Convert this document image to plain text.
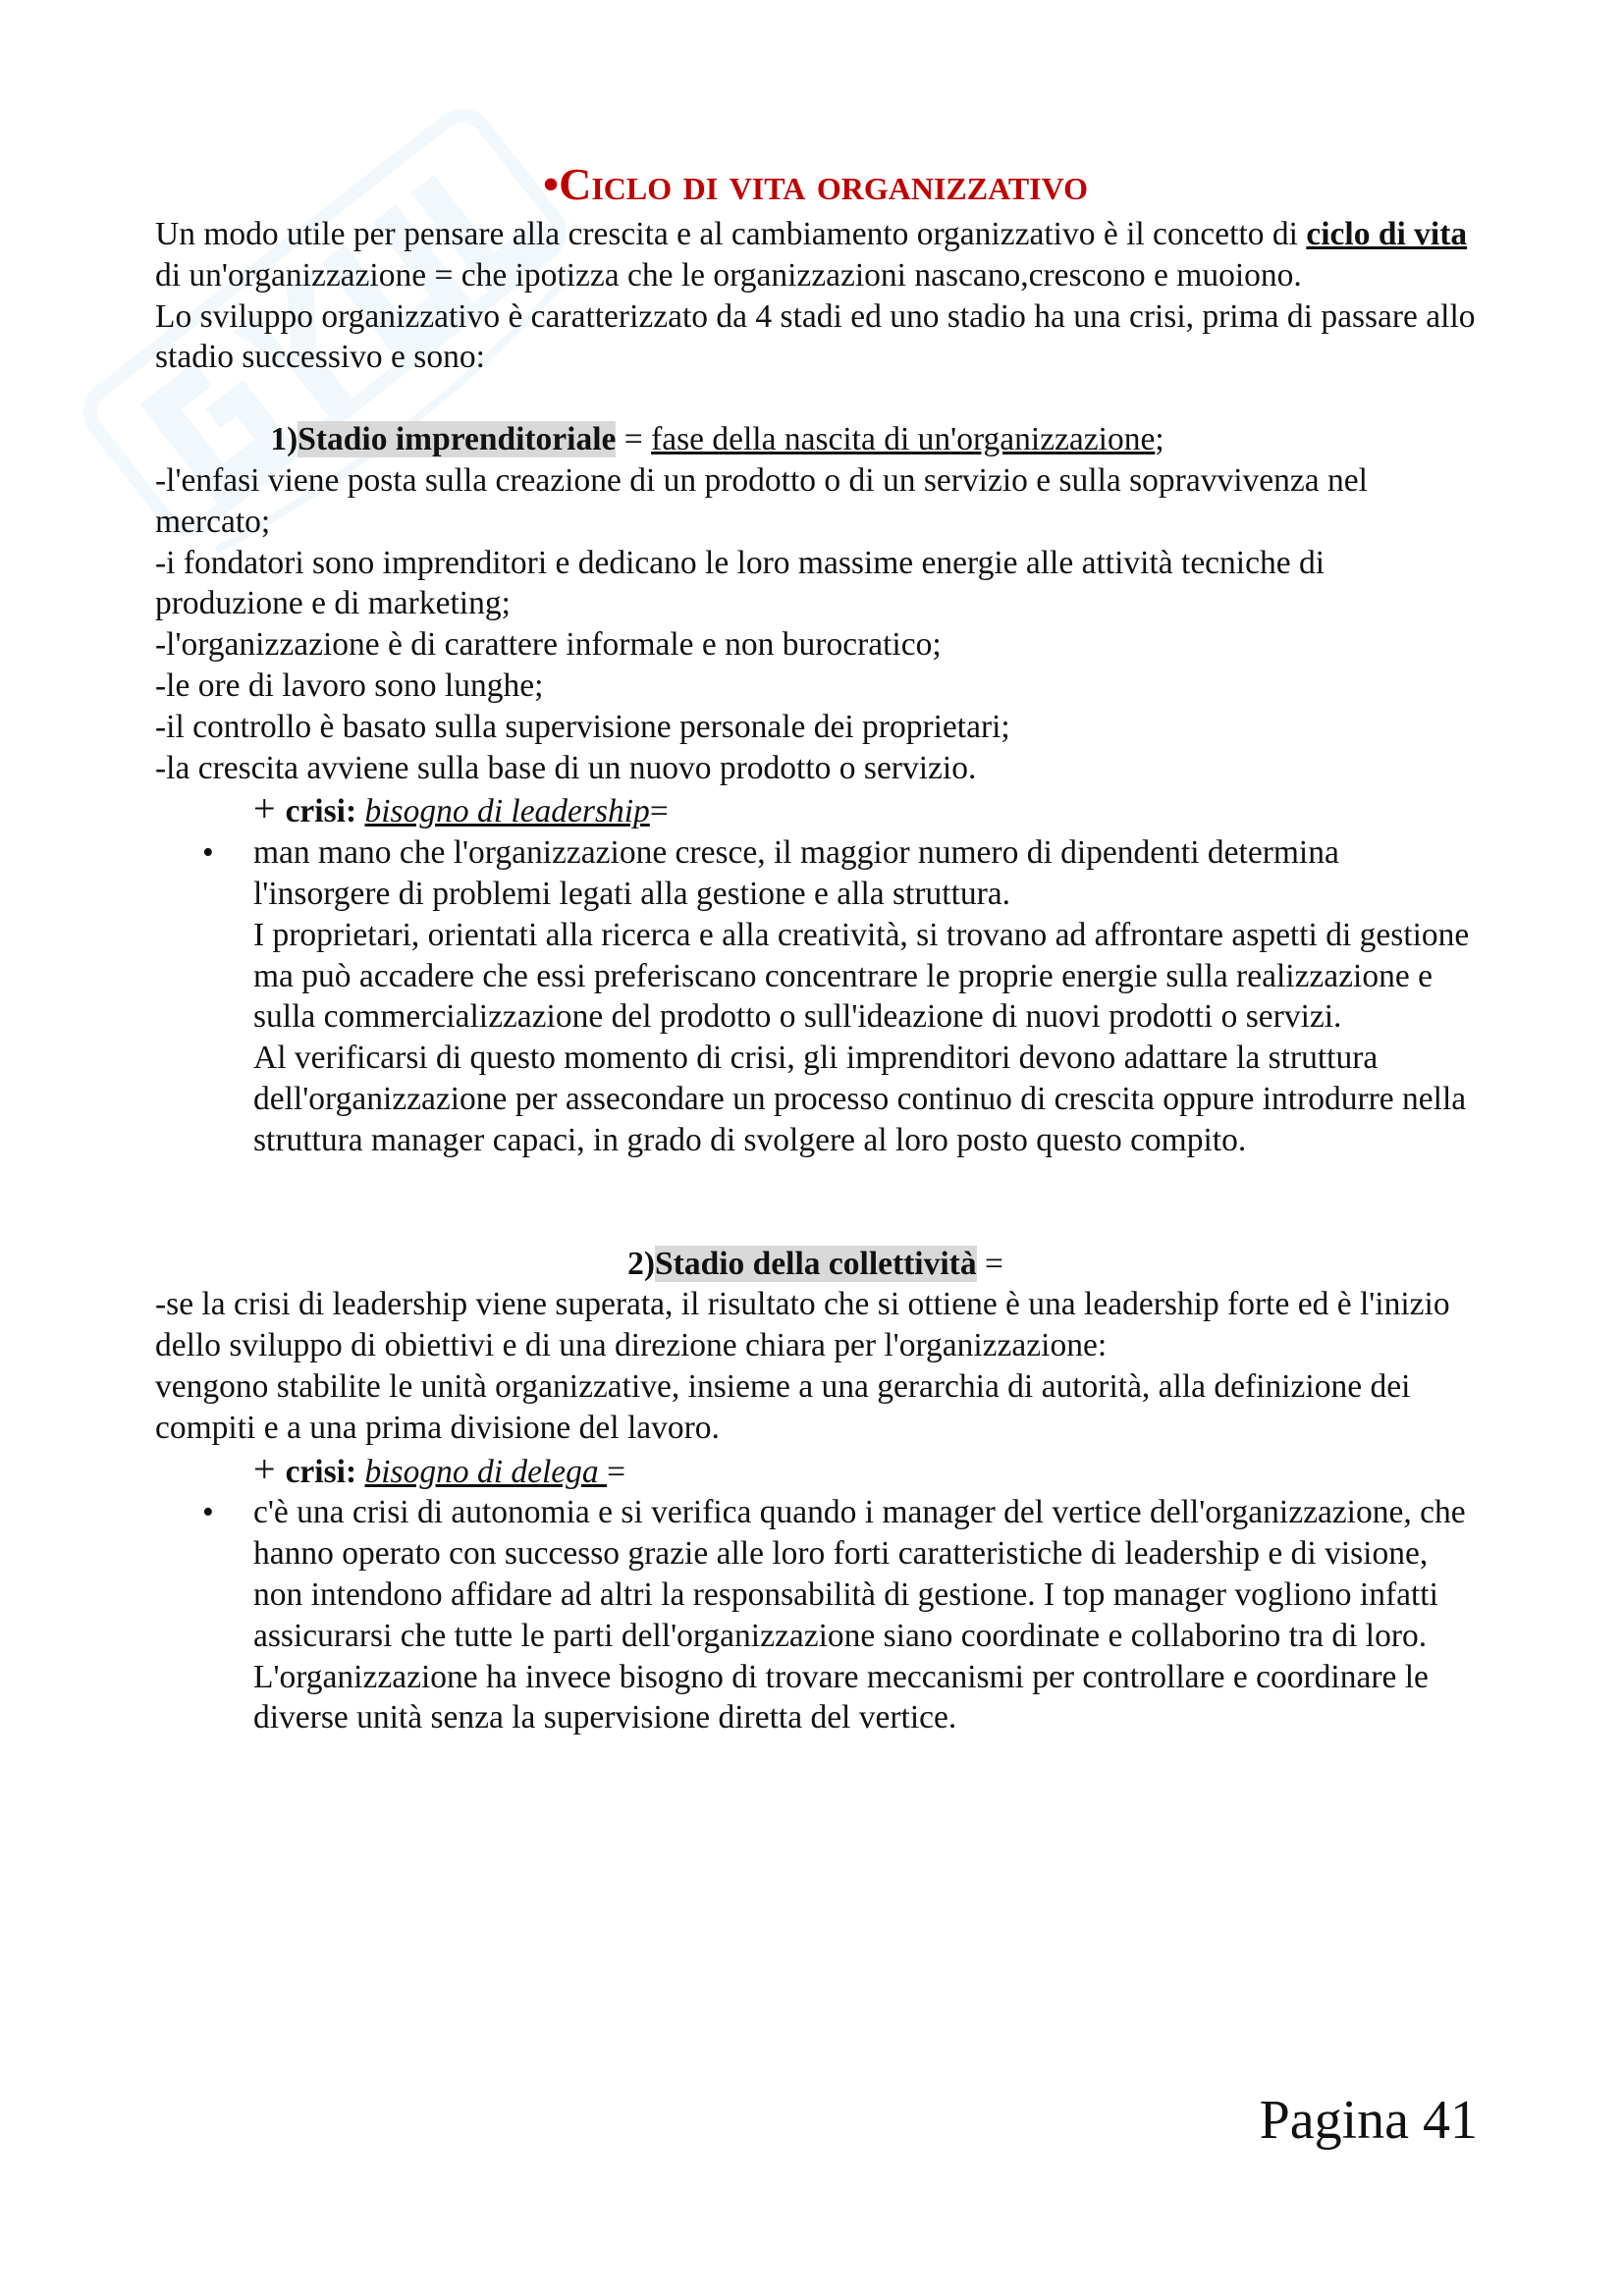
•Ciclo di vita organizzativo

Un modo utile per pensare alla crescita e al cambiamento organizzativo è il concetto di ciclo di vita di un'organizzazione = che ipotizza che le organizzazioni nascano,crescono e muoiono.

Lo sviluppo organizzativo è caratterizzato da 4 stadi ed uno stadio ha una crisi, prima di passare allo stadio successivo e sono:

1)Stadio imprenditoriale = fase della nascita di un'organizzazione;

-l'enfasi viene posta sulla creazione di un prodotto o di un servizio e sulla sopravvivenza nel mercato;

-i fondatori sono imprenditori e dedicano le loro massime energie alle attività tecniche di produzione e di marketing;

-l'organizzazione è di carattere informale e non burocratico;

-le ore di lavoro sono lunghe;

-il controllo è basato sulla supervisione personale dei proprietari;

-la crescita avviene sulla base di un nuovo prodotto o servizio.

+ crisi: bisogno di leadership=

• man mano che l'organizzazione cresce, il maggior numero di dipendenti determina l'insorgere di problemi legati alla gestione e alla struttura.

I proprietari, orientati alla ricerca e alla creatività, si trovano ad affrontare aspetti di gestione ma può accadere che essi preferiscano concentrare le proprie energie sulla realizzazione e sulla commercializzazione del prodotto o sull'ideazione di nuovi prodotti o servizi.

Al verificarsi di questo momento di crisi, gli imprenditori devono adattare la struttura dell'organizzazione per assecondare un processo continuo di crescita oppure introdurre nella struttura manager capaci, in grado di svolgere al loro posto questo compito.

2)Stadio della collettività =

-se la crisi di leadership viene superata, il risultato che si ottiene è una leadership forte ed è l'inizio dello sviluppo di obiettivi e di una direzione chiara per l'organizzazione:

vengono stabilite le unità organizzative, insieme a una gerarchia di autorità, alla definizione dei compiti e a una prima divisione del lavoro.

+ crisi: bisogno di delega =

• c'è una crisi di autonomia e si verifica quando i manager del vertice dell'organizzazione, che hanno operato con successo grazie alle loro forti caratteristiche di leadership e di visione, non intendono affidare ad altri la responsabilità di gestione. I top manager vogliono infatti assicurarsi che tutte le parti dell'organizzazione siano coordinate e collaborino tra di loro. L'organizzazione ha invece bisogno di trovare meccanismi per controllare e coordinare le diverse unità senza la supervisione diretta del vertice.

Pagina 41
